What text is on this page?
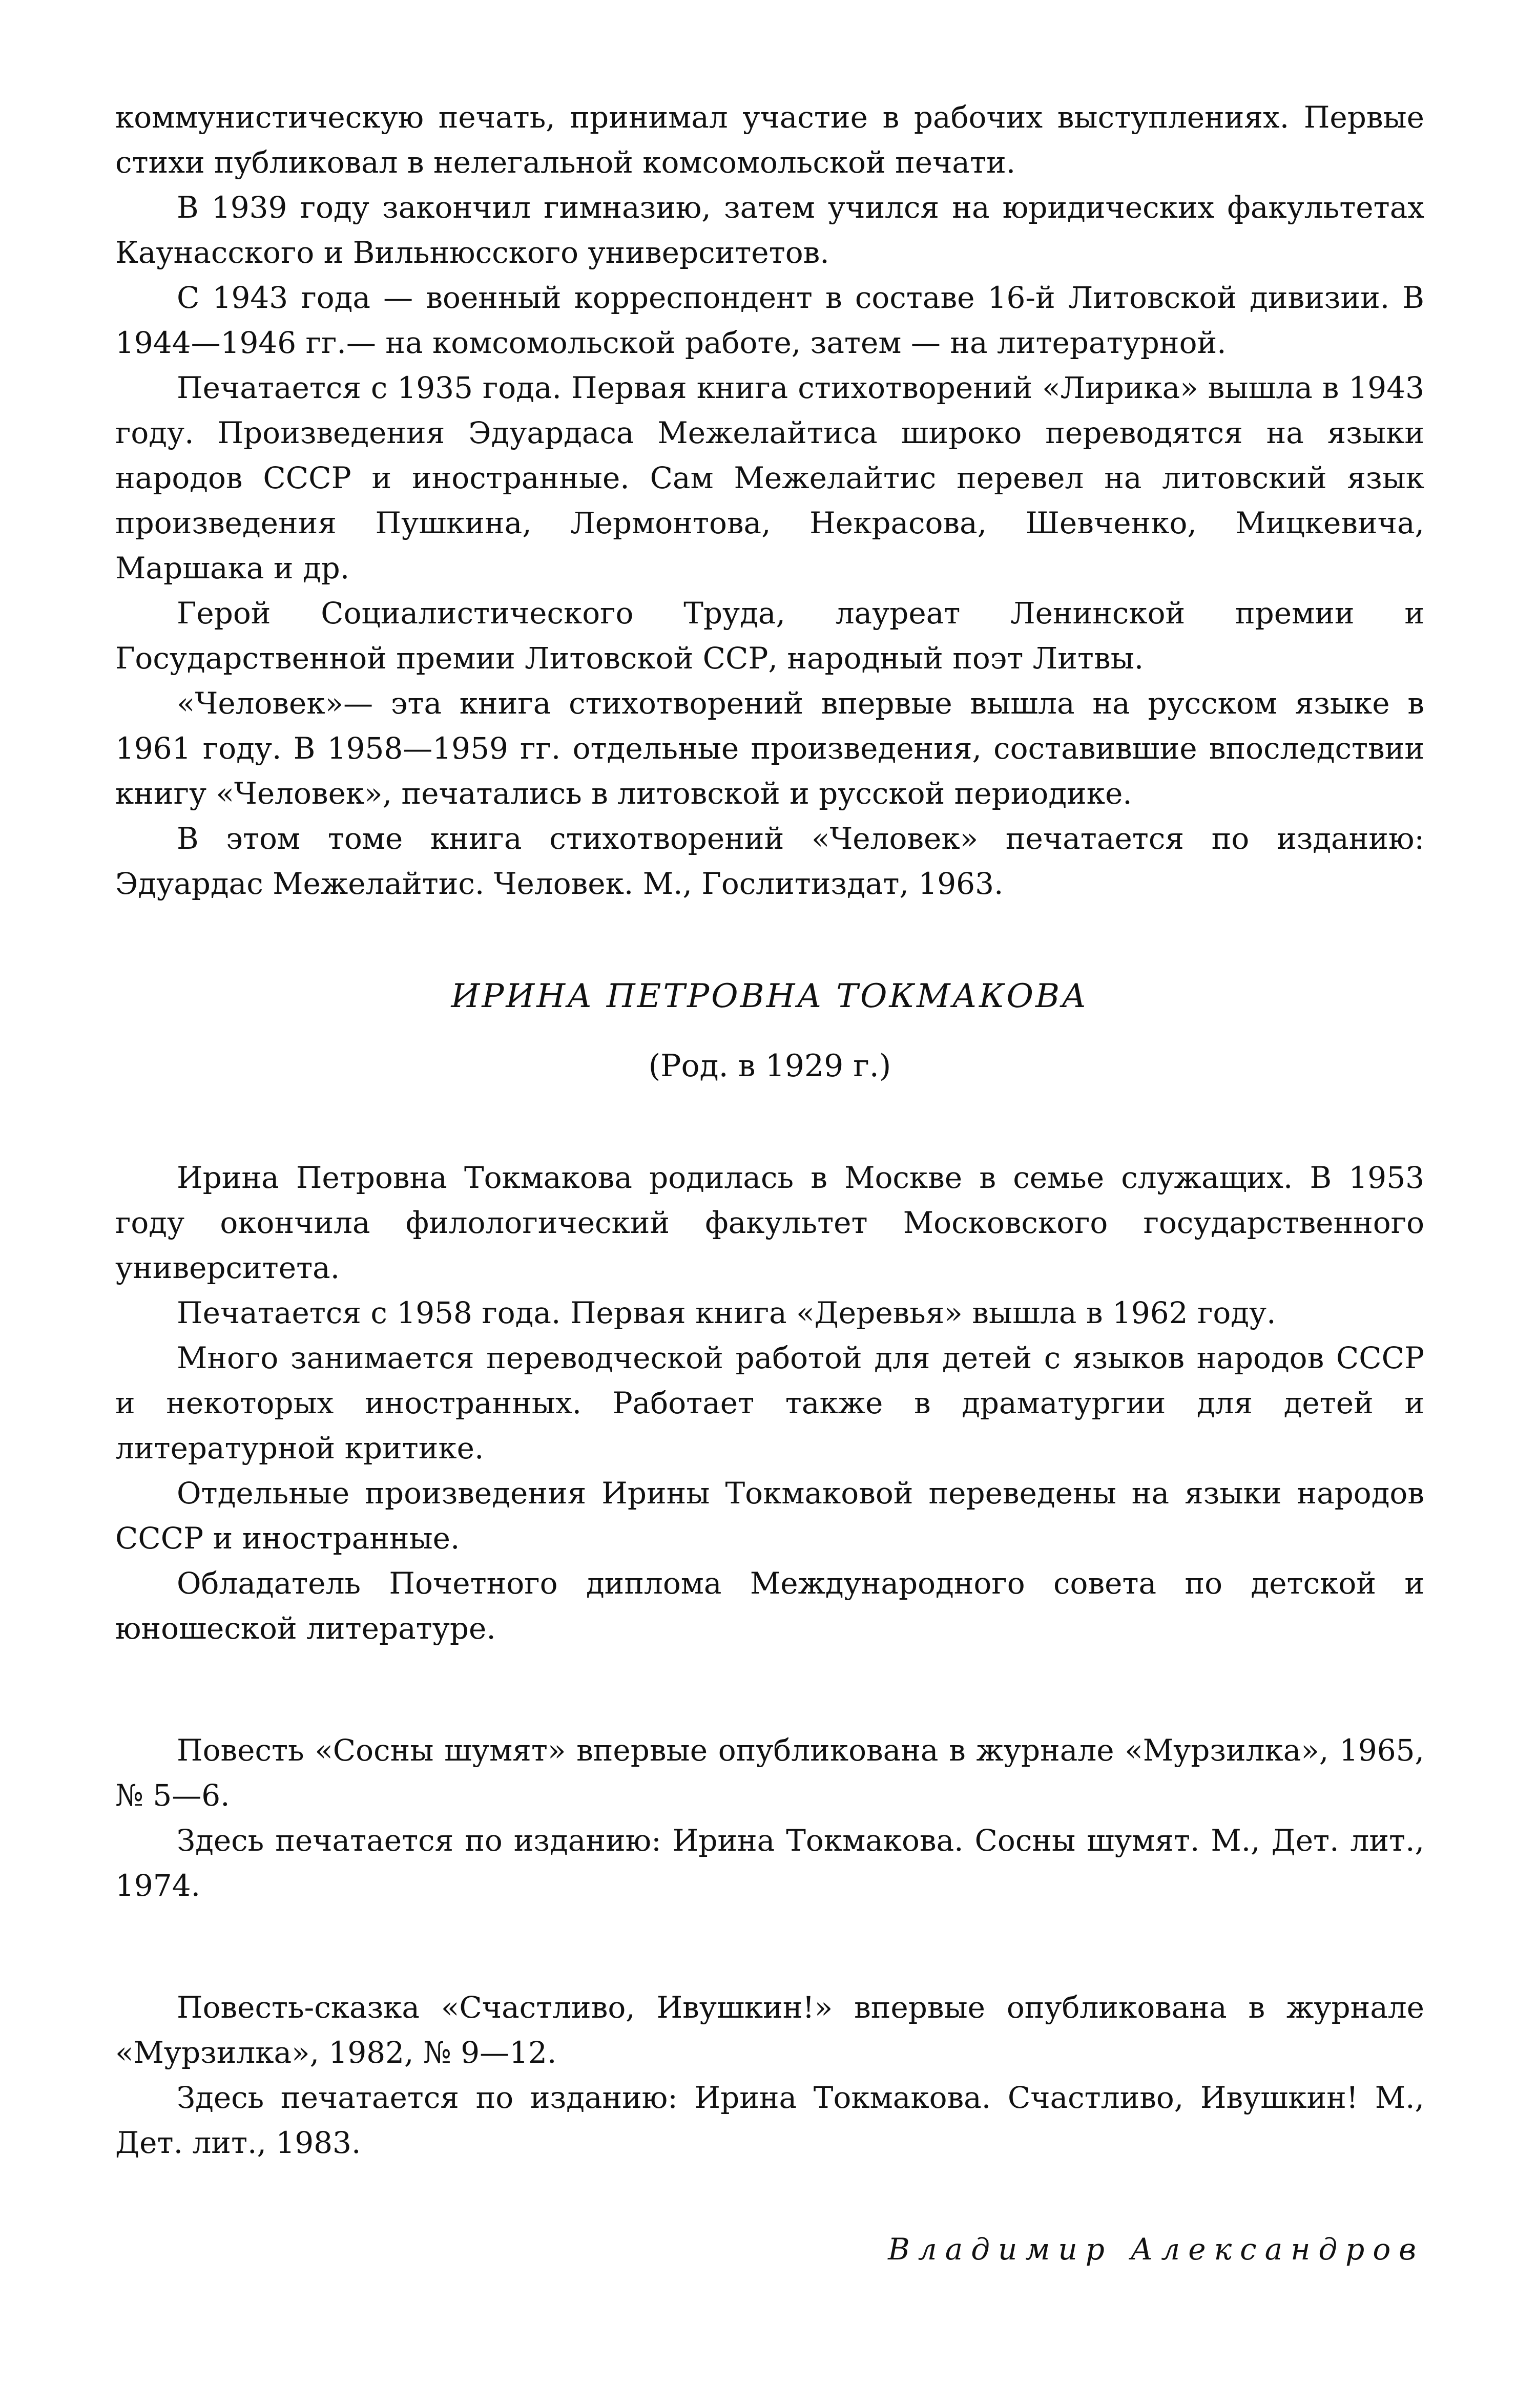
коммунистическую печать, принимал участие в рабочих выступлениях. Первые стихи публиковал в нелегальной комсомольской печати.

В 1939 году закончил гимназию, затем учился на юридических факультетах Каунасского и Вильнюсского университетов.

С 1943 года — военный корреспондент в составе 16-й Литовской дивизии. В 1944—1946 гг.— на комсомольской работе, затем — на литературной.

Печатается с 1935 года. Первая книга стихотворений «Лирика» вышла в 1943 году. Произведения Эдуардаса Межелайтиса широко переводятся на языки народов СССР и иностранные. Сам Межелайтис перевел на литовский язык произведения Пушкина, Лермонтова, Некрасова, Шевченко, Мицкевича, Маршака и др.

Герой Социалистического Труда, лауреат Ленинской премии и Государственной премии Литовской ССР, народный поэт Литвы.

«Человек»— эта книга стихотворений впервые вышла на русском языке в 1961 году. В 1958—1959 гг. отдельные произведения, составившие впоследствии книгу «Человек», печатались в литовской и русской периодике.

В этом томе книга стихотворений «Человек» печатается по изданию: Эдуардас Межелайтис. Человек. М., Гослитиздат, 1963.

ИРИНА ПЕТРОВНА ТОКМАКОВА

(Род. в 1929 г.)

Ирина Петровна Токмакова родилась в Москве в семье служащих. В 1953 году окончила филологический факультет Московского государственного университета.

Печатается с 1958 года. Первая книга «Деревья» вышла в 1962 году.

Много занимается переводческой работой для детей с языков народов СССР и некоторых иностранных. Работает также в драматургии для детей и литературной критике.

Отдельные произведения Ирины Токмаковой переведены на языки народов СССР и иностранные.

Обладатель Почетного диплома Международного совета по детской и юношеской литературе.

Повесть «Сосны шумят» впервые опубликована в журнале «Мурзилка», 1965, № 5—6.

Здесь печатается по изданию: Ирина Токмакова. Сосны шумят. М., Дет. лит., 1974.

Повесть-сказка «Счастливо, Ивушкин!» впервые опубликована в журнале «Мурзилка», 1982, № 9—12.

Здесь печатается по изданию: Ирина Токмакова. Счастливо, Ивушкин! М., Дет. лит., 1983.

Владимир Александров
